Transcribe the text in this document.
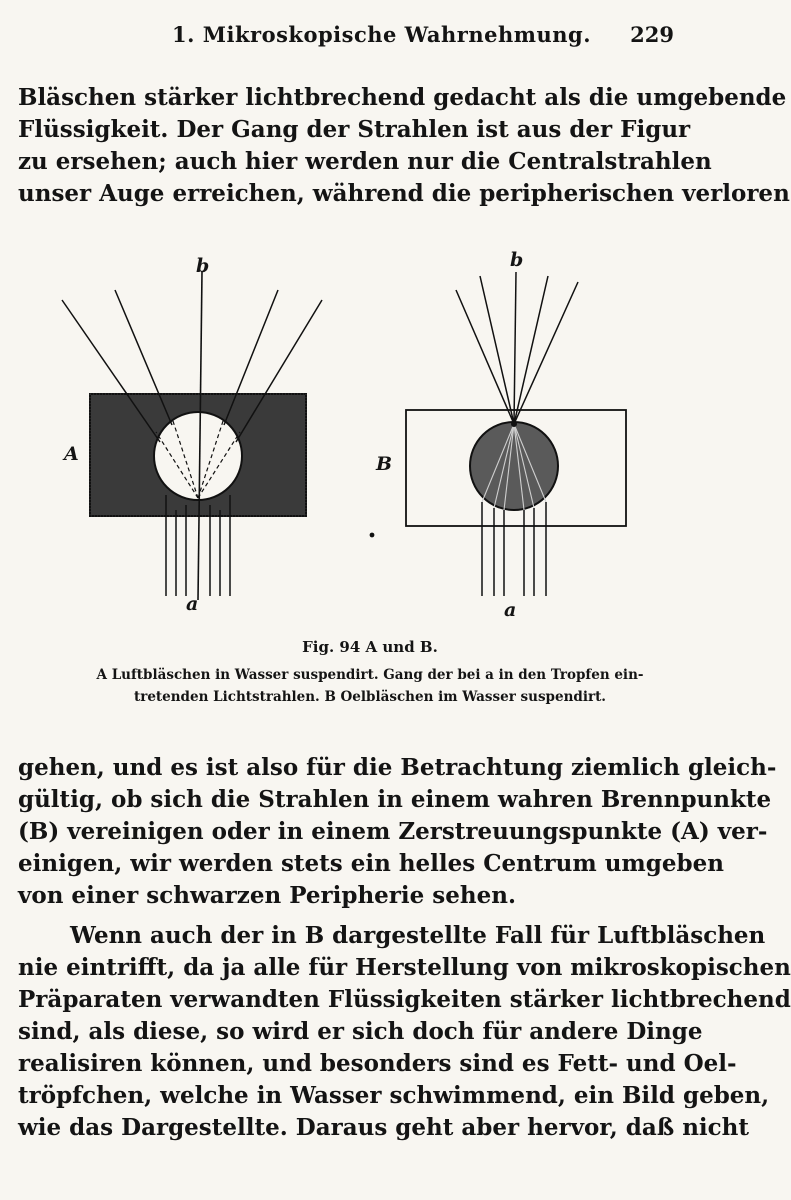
1. Mikroskopische Wahrnehmung. 229
Bläschen stärker lichtbrechend gedacht als die umgebende
Flüssigkeit. Der Gang der Strahlen ist aus der Figur
zu ersehen; auch hier werden nur die Centralstrahlen
unser Auge erreichen, während die peripherischen verloren
A
b
a
B
b
a
Fig. 94 A und B.
A Luftbläschen in Wasser suspendirt. Gang der bei a in den Tropfen ein-
tretenden Lichtstrahlen. B Oelbläschen im Wasser suspendirt.
gehen, und es ist also für die Betrachtung ziemlich gleich-
gültig, ob sich die Strahlen in einem wahren Brennpunkte
(B) vereinigen oder in einem Zerstreuungspunkte (A) ver-
einigen, wir werden stets ein helles Centrum umgeben
von einer schwarzen Peripherie sehen.
Wenn auch der in B dargestellte Fall für Luftbläschen
nie eintrifft, da ja alle für Herstellung von mikroskopischen
Präparaten verwandten Flüssigkeiten stärker lichtbrechend
sind, als diese, so wird er sich doch für andere Dinge
realisiren können, und besonders sind es Fett- und Oel-
tröpfchen, welche in Wasser schwimmend, ein Bild geben,
wie das Dargestellte. Daraus geht aber hervor, daß nicht
